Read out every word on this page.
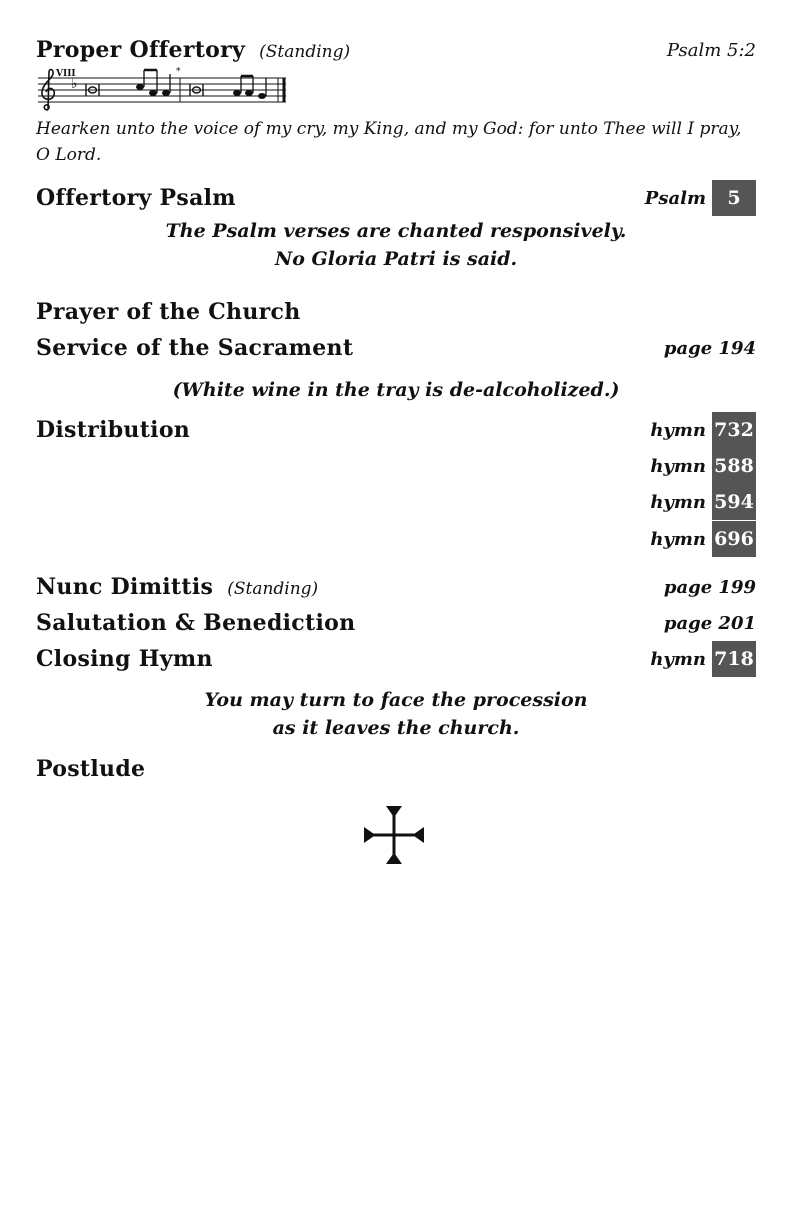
Proper Offertory (Standing)	Psalm 5:2
VIII
♭
*
Hearken unto the voice of my cry, my King, and my God: for unto Thee will I pray, O Lord.
Offertory Psalm	Psalm	5
The Psalm verses are chanted responsively.
No Gloria Patri is said.
Prayer of the Church
Service of the Sacrament	page 194
(White wine in the tray is de-alcoholized.)
Distribution	hymn 732
hymn 588
hymn 594
hymn 696
Nunc Dimittis (Standing)	page 199
Salutation & Benediction	page 201
Closing Hymn	hymn 718
You may turn to face the procession
as it leaves the church.
Postlude
